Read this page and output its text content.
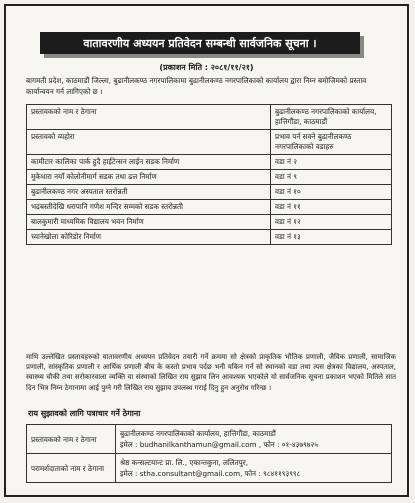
वातावरणीय अध्ययन प्रतिवेदन सम्बन्धी सार्वजनिक सूचना ।
(प्रकाशन मिति : २०८१/११/२१)
बागमती प्रदेश, काठमाडौं जिल्ला, बुढानीलकण्ठ नगरपालिकामा बुढानीलकण्ठ नगरपालिकाको कार्यालय द्वारा निम्न बमोजिमको प्रस्ताव कार्यान्वयन गर्न लागिएको छ ।
प्रस्तावकको नाम र ठेगाना	बुढानीलकण्ठ नगरपालिकाको कार्यालय, हात्तिगौंडा, काठमाडौं
प्रस्तावको व्यहोरा	प्रभाव पर्न सक्ने बुढानीलकण्ठ नगरपालिकाको वडाहरु
कामीटार कालिका पार्क हुदै हाईटेन्सन लाईन सडक निर्माण	वडा न‍ं २
मुकेधारा नयाँ कोलोनीमार्ग सडक तथा ढल निर्माण	वडा न‍ं ९
बुढानीलकण्ठ नगर अस्पताल स्तरोन्नती	वडा न‍ं १०
भद्रबस्तीदेखि धरापानि गणेश मन्दिर सम्मको सडक स्तरोन्नती	वडा न‍ं ११
बालकुमारी माध्यमिक विद्यालय भवन निर्माण	वडा न‍ं १२
च्यानेखोला कोरिडोर निर्माण	वडा न‍ं १३
माथि उल्लेखित प्रस्तावहरुको वातावरणीय अध्ययन प्रतिवेदन तयारी गर्ने क्रममा सो क्षेत्रको प्राकृतिक भौतिक प्रणाली, जैविक प्रणाली, सामाजिक प्रणाली, सांस्कृतिक प्रणाली र आर्थिक प्रणाली बीच के कस्तो प्रभाव पर्दछ भनी यकिन गर्न सो स्थानको वडा तथा त्यस क्षेत्रका विद्यालय, अस्पताल, स्वास्थ्य चौकी तथा सरोकारवाला व्यक्ति वा संस्थाको लिखित राय सुझाव लिन आवश्यक भएकोले यो सार्वजनिक सूचना प्रकाशन भएको मितिले सात दिन भित्र निम्न ठेगानामा आई पुग्ने गरी लिखित राय सुझाव उपलब्ध गराई दिनु हुन अनुरोध गरिन्छ ।
राय सुझावको लागि पत्राचार गर्ने ठेगाना
प्रस्तावकको नाम र ठेगाना	बुढानीलकण्ठ नगरपालिकाको कार्यालय, हात्तिगौंडा, काठमाडौं
इमेल : budhanilkanthamun@gmail.com , फोन : ०१-४३७९७२५

परामर्शदाताको नाम र ठेगाना	श्रेष्ठ कन्सल्टयान्ट प्रा. लि., एकान्तकुना, ललितपुर,
इमेल : stha.consultant@gmail.com, फोन : ९८४११९३९९८
